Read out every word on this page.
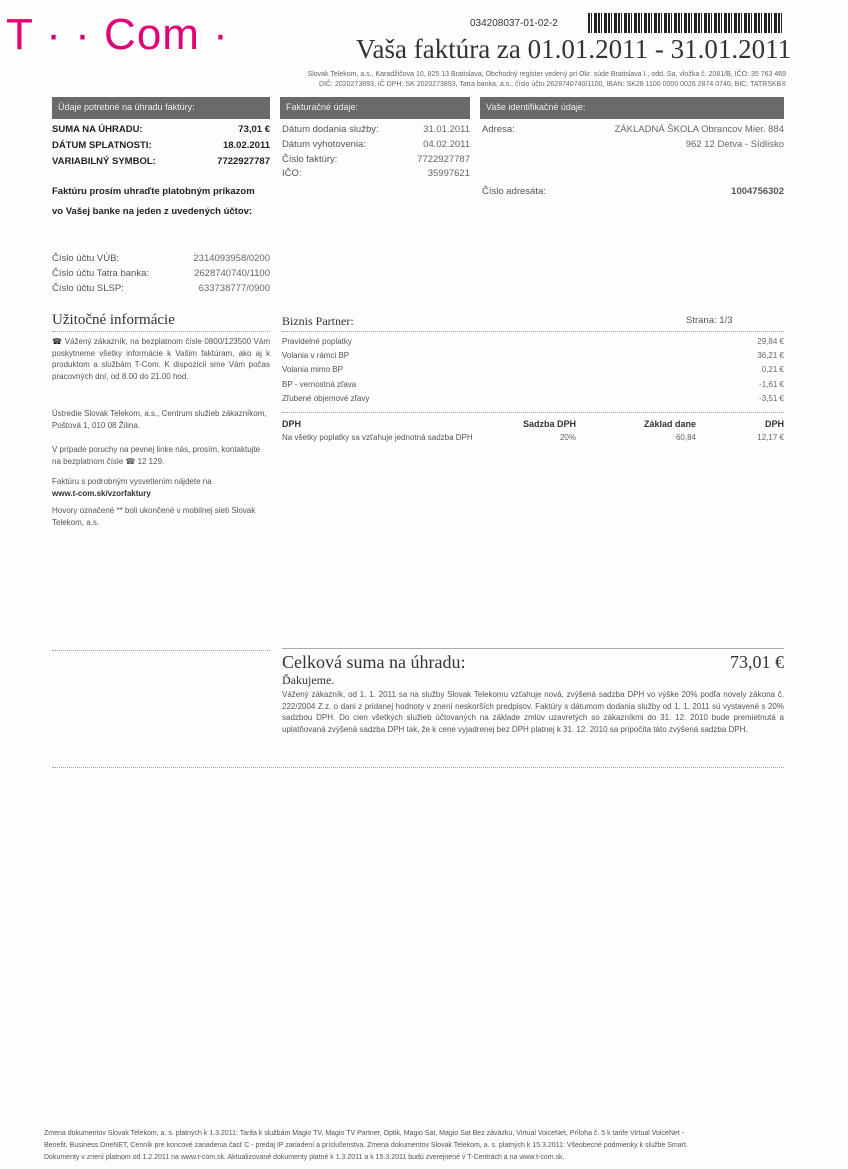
T · · Com ·	034208037-01-02-2
Vaša faktúra za 01.01.2011 - 31.01.2011
Slovak Telekom, a.s., Karadžičova 10, 825 13 Bratislava, Obchodný register vedený pri Okr. súde Bratislava I., odd. Sa, vložka č. 2081/B, IČO: 35 763 469
DIČ: 2020273893, IČ DPH: SK 2020273893, Tatra banka, a.s., číslo účtu 2628740740/1100, IBAN: SK28 1100 0000 0026 2874 0740, BIC: TATRSKBX
Údaje potrebné na úhradu faktúry:	Fakturačné údaje:	Vaše identifikačné údaje:
SUMA NA ÚHRADU:	73,01 €
DÁTUM SPLATNOSTI:	18.02.2011
VARIABILNÝ SYMBOL:	7722927787
Faktúru prosím uhraďte platobným príkazom
vo Vašej banke na jeden z uvedených účtov:
Číslo účtu VÚB:	2314093958/0200
Číslo účtu Tatra banka:	2628740740/1100
Číslo účtu SLSP:	633738777/0900
Dátum dodania služby:	31.01.2011
Dátum vyhotovenia:	04.02.2011
Číslo faktúry:	7722927787
IČO:	35997621
Adresa:	ZÁKLADNÁ ŠKOLA Obrancov Mier. 884
962 12 Detva - Sídlisko
Číslo adresáta:	1004756302
Užitočné informácie
☎ Vážený zákazník, na bezplatnom čísle 0800/123500 Vám poskytneme všetky informácie k Vašim faktúram, ako aj k produktom a službám T-Com. K dispozícii sme Vám počas pracovných dní, od 8.00 do 21.00 hod.
Ústredie Slovak Telekom, a.s., Centrum služieb zákazníkom, Poštová 1, 010 08 Žilina.
V prípade poruchy na pevnej linke nás, prosím, kontaktujte na bezplatnom čísle ☎ 12 129.
Faktúru s podrobným vysvetlením nájdete na
www.t-com.sk/vzorfaktury
Hovory označené ** boli ukončené v mobilnej sieti Slovak Telekom, a.s.
Biznis Partner:	Strana: 1/3
Pravidelné poplatky	29,84 €
Volania v rámci BP	36,21 €
Volania mimo BP	0,21 €
BP - vernostná zľava	-1,61 €
Zľubené objemové zľavy	-3,51 €
DPH	Sadzba DPH	Základ dane	DPH
Na všetky poplatky sa vzťahuje jednotná sadzba DPH	20%	60,84	12,17 €
Celková suma na úhradu:	73,01 €
Ďakujeme.
Vážený zákazník, od 1. 1. 2011 sa na služby Slovak Telekomu vzťahuje nová, zvýšená sadzba DPH vo výške 20% podľa novely zákona č. 222/2004 Z.z. o dani z pridanej hodnoty v znení neskorších predpisov. Faktúry s dátumom dodania služby od 1. 1. 2011 sú vystavené s 20% sadzbou DPH. Do cien všetkých služieb účtovaných na základe zmlúv uzavretých so zákazníkmi do 31. 12. 2010 bude premietnutá a uplatňovaná zvýšená sadzba DPH tak, že k cene vyjadrenej bez DPH platnej k 31. 12. 2010 sa pripočíta táto zvýšená sadzba DPH.
Zmena dokumentov Slovak Telekom, a. s. platných k 1.3.2011: Tarifa k službám Magio TV, Magio TV Partner, Optik, Magio Sat, Magio Sat Bez záväzku, Virtual VoiceNet, Príloha č. 5 k tarife Virtual VoiceNet -
Benefit, Business OneNET, Cenník pre koncové zariadenia časť C - predaj IP zariadení a príslušenstva. Zmena dokumentov Slovak Telekom, a. s. platných k 15.3.2011: Všeobecné podmienky k službe Smart.
Dokumenty v znení platnom od 1.2.2011 na www.t-com.sk. Aktualizované dokumenty platné k 1.3.2011 a k 15.3.2011 budú zverejnené v T-Centrách a na www.t-com.sk.
